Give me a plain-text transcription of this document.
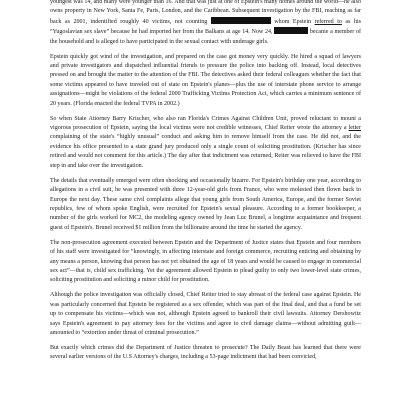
youngest was 14, and many were younger than 16. And that was just at one of Epstein's many homes around the world—he also owns property in New York, Santa Fe, Paris, London, and the Caribbean. Subsequent investigation by the FBI, reaching as far back as 2001, indentified roughly 40 victims, not counting	whom Epstein referred to as his “Yugoslavian sex slave” because he had imported her from the Balkans at age 14. Now 24,	became a member of the household and is alleged to have participated in the sexual contact with underage girls.

Epstein quickly got wind of the investigation, and prepared on the case got money very quickly. He hired a squad of lawyers and private investigators and dispatched influential friends to pressure the police into backing off. Instead, local detectives pressed on and brought the matter to the attention of the FBI. The detectives asked their federal colleagues whether the fact that some victims appeared to have traveled out of state on Epstein's planes—plus the use of interstate phone service to arrange assignations—might be violations of the federal 2000 Trafficking Victims Protection Act, which carries a minimum sentence of 20 years. (Florida enacted the federal TVPA in 2002.)

So when State Attorney Barry Krischer, who also ran Florida's Crimes Against Children Unit, proved reluctant to mount a vigorous prosecution of Epstein, saying the local victims were not credible witnesses, Chief Reiter wrote the attorney a letter complaining of the state's “highly unusual” conduct and asking him to remove himself from the case. He did not, and the evidence his office presented to a state grand jury produced only a single count of soliciting prostitution. (Krischer has since retired and would not comment for this article.) The day after that indictment was returned, Reiter was relieved to have the FBI step in and take over the investigation.

The details that eventually emerged were often shocking and occasionally bizarre. For Epstein's birthday one year, according to allegations in a civil suit, he was presented with three 12-year-old girls from France, who were molested then flown back to Europe the next day. These same civil complaints allege that young girls from South America, Europe, and the former Soviet republics, few of whom spoke English, were recruited for Epstein's sexual pleasure. According to a former bookkeeper, a number of the girls worked for MC2, the modeling agency owned by Jean Luc Brunel, a longtime acquaintance and frequent guest of Epstein's. Brunel received $1 million from the billionaire around the time he started the agency.

The non-prosecution agreement executed between Epstein and the Department of Justice states that Epstein and four members of his staff were investigated for “knowingly, in affecting interstate and foreign commerce, recruiting enticing and obtaining by any means a person, knowing that person has not yet obtained the age of 18 years and would be caused to engage in commercial sex act”—that is, child sex trafficking. Yet the agreement allowed Epstein to plead guilty to only two lower-level state crimes, soliciting prostitution and soliciting a minor child for prostitution.

Although the police investigation was officially closed, Chief Reiter tried to stay abreast of the federal case against Epstein. He was particularly concerned that Epstein be registered as a sex offender, which was part of the final deal, and that a fund be set up to compensate his victims—which was not, although Epstein agreed to bankroll their civil lawsuits. Attorney Dershowitz says Epstein's agreement to pay attorney fees for the victims and agree to civil damage claims—without admitting guilt—amounted to “extortion under threat of criminal prosecution.”

But exactly which crimes did the Department of Justice threaten to prosecute? The Daily Beast has learned that there were several earlier versions of the U.S Attorney's charges, including a 53-page indictment that had been convicted,
